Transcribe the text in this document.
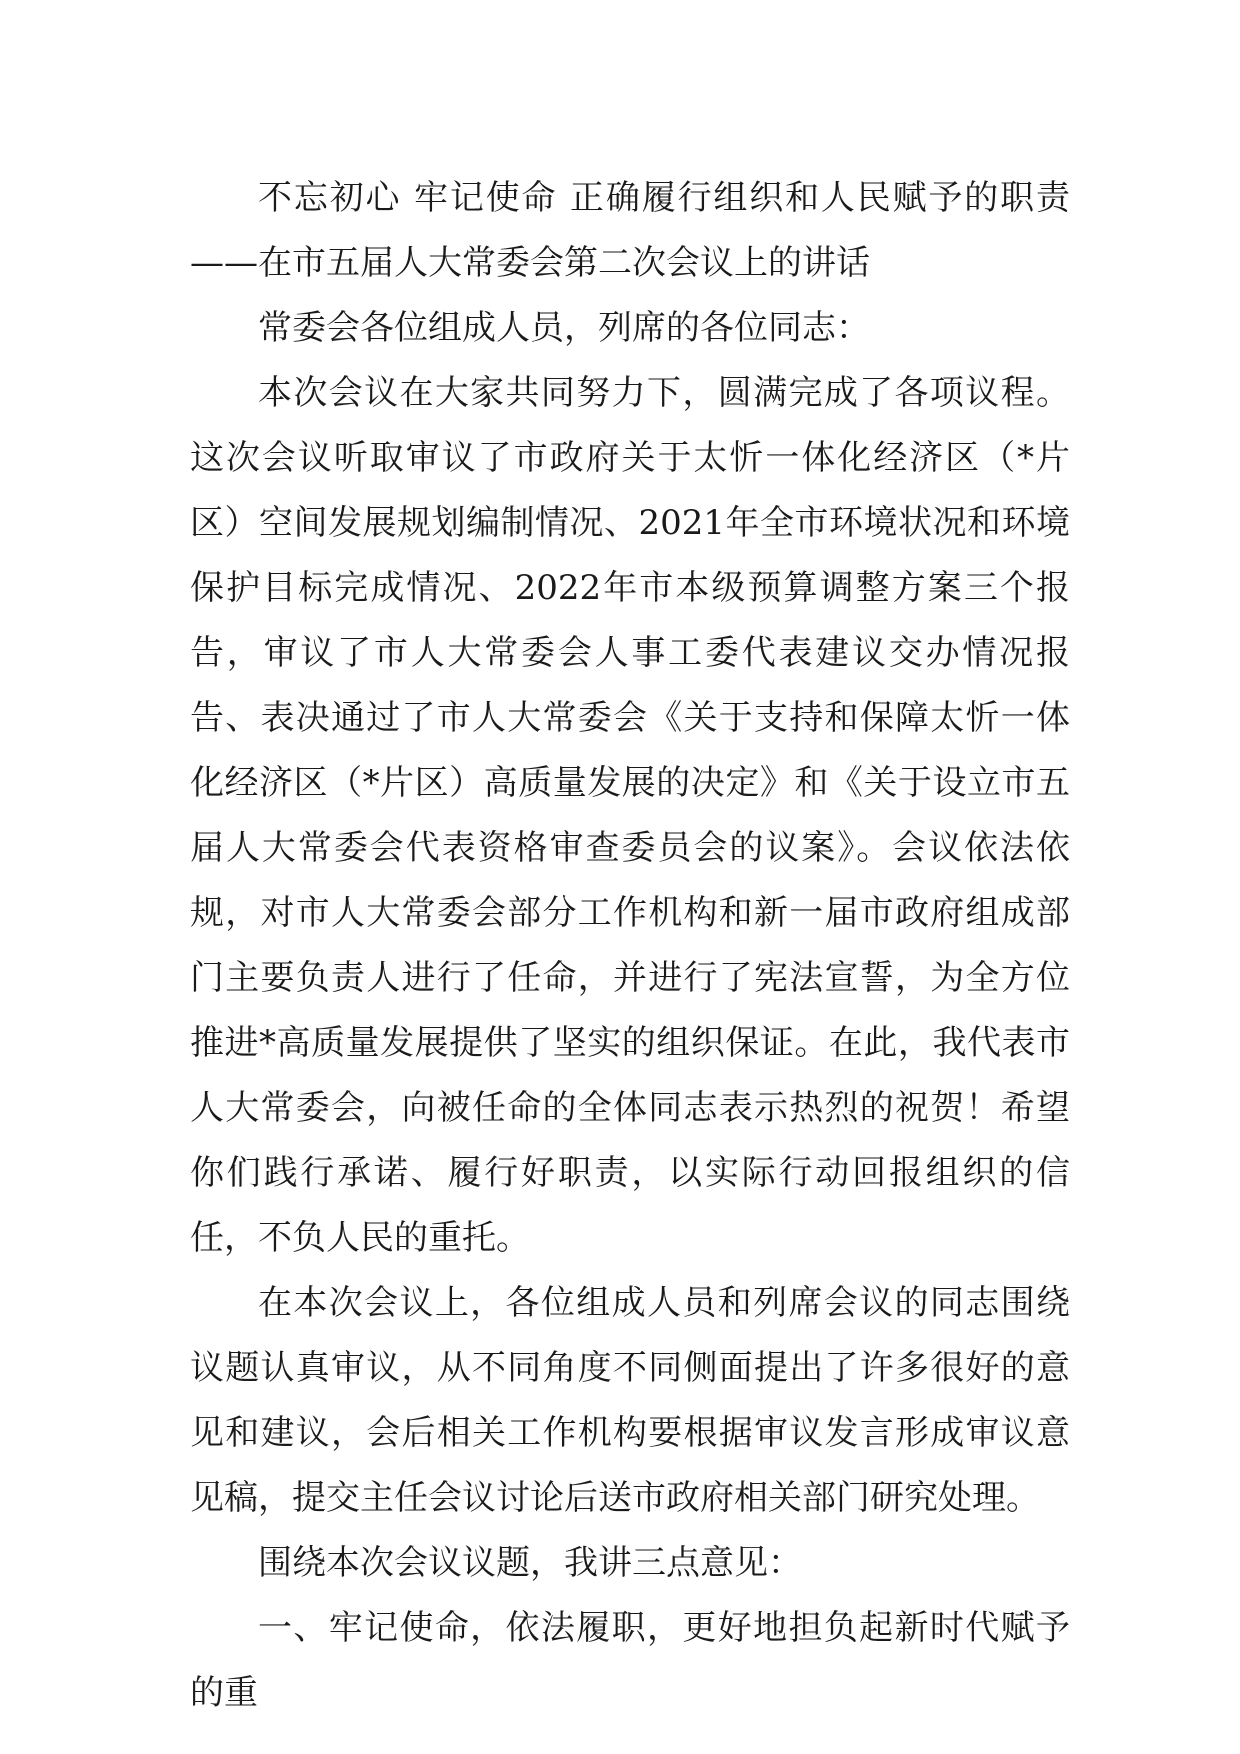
不忘初心 牢记使命 正确履行组织和人民赋予的职责——在市五届人大常委会第二次会议上的讲话

常委会各位组成人员，列席的各位同志：

本次会议在大家共同努力下，圆满完成了各项议程。这次会议听取审议了市政府关于太忻一体化经济区（*片区）空间发展规划编制情况、2021年全市环境状况和环境保护目标完成情况、2022年市本级预算调整方案三个报告，审议了市人大常委会人事工委代表建议交办情况报告、表决通过了市人大常委会《关于支持和保障太忻一体化经济区（*片区）高质量发展的决定》和《关于设立市五届人大常委会代表资格审查委员会的议案》。会议依法依规，对市人大常委会部分工作机构和新一届市政府组成部门主要负责人进行了任命，并进行了宪法宣誓，为全方位推进*高质量发展提供了坚实的组织保证。在此，我代表市人大常委会，向被任命的全体同志表示热烈的祝贺！希望你们践行承诺、履行好职责，以实际行动回报组织的信任，不负人民的重托。

在本次会议上，各位组成人员和列席会议的同志围绕议题认真审议，从不同角度不同侧面提出了许多很好的意见和建议，会后相关工作机构要根据审议发言形成审议意见稿，提交主任会议讨论后送市政府相关部门研究处理。

围绕本次会议议题，我讲三点意见：

一、牢记使命，依法履职，更好地担负起新时代赋予的重
